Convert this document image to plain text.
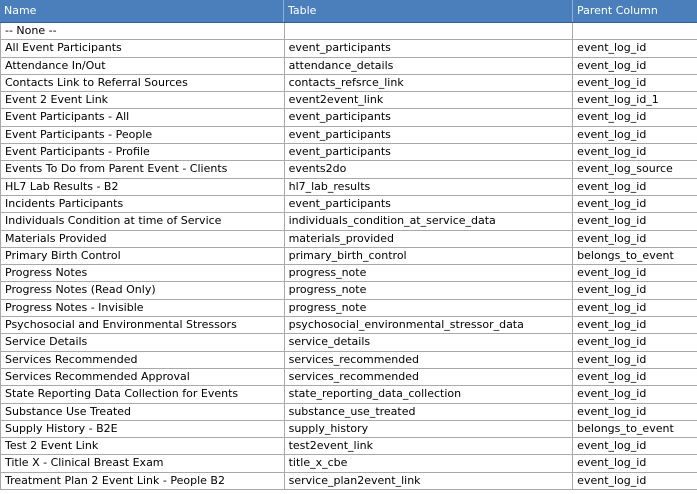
Name	Table	Parent Column
-- None --
All Event Participants	event_participants	event_log_id
Attendance In/Out	attendance_details	event_log_id
Contacts Link to Referral Sources	contacts_refsrce_link	event_log_id
Event 2 Event Link	event2event_link	event_log_id_1
Event Participants - All	event_participants	event_log_id
Event Participants - People	event_participants	event_log_id
Event Participants - Profile	event_participants	event_log_id
Events To Do from Parent Event - Clients	events2do	event_log_source
HL7 Lab Results - B2	hl7_lab_results	event_log_id
Incidents Participants	event_participants	event_log_id
Individuals Condition at time of Service	individuals_condition_at_service_data	event_log_id
Materials Provided	materials_provided	event_log_id
Primary Birth Control	primary_birth_control	belongs_to_event
Progress Notes	progress_note	event_log_id
Progress Notes (Read Only)	progress_note	event_log_id
Progress Notes - Invisible	progress_note	event_log_id
Psychosocial and Environmental Stressors	psychosocial_environmental_stressor_data	event_log_id
Service Details	service_details	event_log_id
Services Recommended	services_recommended	event_log_id
Services Recommended Approval	services_recommended	event_log_id
State Reporting Data Collection for Events	state_reporting_data_collection	event_log_id
Substance Use Treated	substance_use_treated	event_log_id
Supply History - B2E	supply_history	belongs_to_event
Test 2 Event Link	test2event_link	event_log_id
Title X - Clinical Breast Exam	title_x_cbe	event_log_id
Treatment Plan 2 Event Link - People B2	service_plan2event_link	event_log_id
